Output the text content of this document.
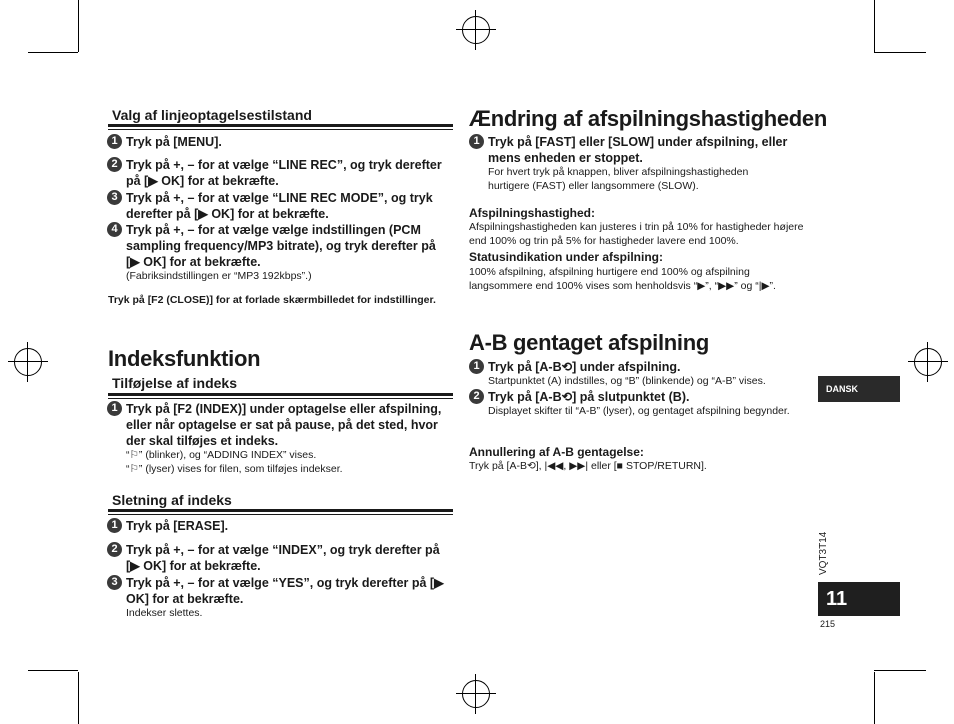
Valg af linjeoptagelsestilstand
1 Tryk på [MENU].
2 Tryk på +, – for at vælge “LINE REC”, og tryk derefter på [▶ OK] for at bekræfte.
3 Tryk på +, – for at vælge “LINE REC MODE”, og tryk derefter på [▶ OK] for at bekræfte.
4 Tryk på +, – for at vælge vælge indstillingen (PCM sampling frequency/MP3 bitrate), og tryk derefter på [▶ OK] for at bekræfte.
(Fabriksindstillingen er “MP3 192kbps”.)
Tryk på [F2 (CLOSE)] for at forlade skærmbilledet for indstillinger.
Indeksfunktion
Tilføjelse af indeks
1 Tryk på [F2 (INDEX)] under optagelse eller afspilning, eller når optagelse er sat på pause, på det sted, hvor der skal tilføjes et indeks.
“⚐” (blinker), og “ADDING INDEX” vises.
“⚐” (lyser) vises for filen, som tilføjes indekser.
Sletning af indeks
1 Tryk på [ERASE].
2 Tryk på +, – for at vælge “INDEX”, og tryk derefter på [▶ OK] for at bekræfte.
3 Tryk på +, – for at vælge “YES”, og tryk derefter på [▶ OK] for at bekræfte.
Indekser slettes.
Ændring af afspilningshastigheden
1 Tryk på [FAST] eller [SLOW] under afspilning, eller mens enheden er stoppet.
For hvert tryk på knappen, bliver afspilningshastigheden hurtigere (FAST) eller langsommere (SLOW).
Afspilningshastighed:
Afspilningshastigheden kan justeres i trin på 10% for hastigheder højere end 100% og trin på 5% for hastigheder lavere end 100%.
Statusindikation under afspilning:
100% afspilning, afspilning hurtigere end 100% og afspilning langsommere end 100% vises som henholdsvis “▶”, “▶▶” og “|▶”.
A-B gentaget afspilning
1 Tryk på [A-B⟲] under afspilning.
Startpunktet (A) indstilles, og “B” (blinkende) og “A-B” vises.
2 Tryk på [A-B⟲] på slutpunktet (B).
Displayet skifter til “A-B” (lyser), og gentaget afspilning begynder.
Annullering af A-B gentagelse:
Tryk på [A-B⟲], |◀◀, ▶▶| eller [■ STOP/RETURN].
DANSK
VQT3T14
11
215
